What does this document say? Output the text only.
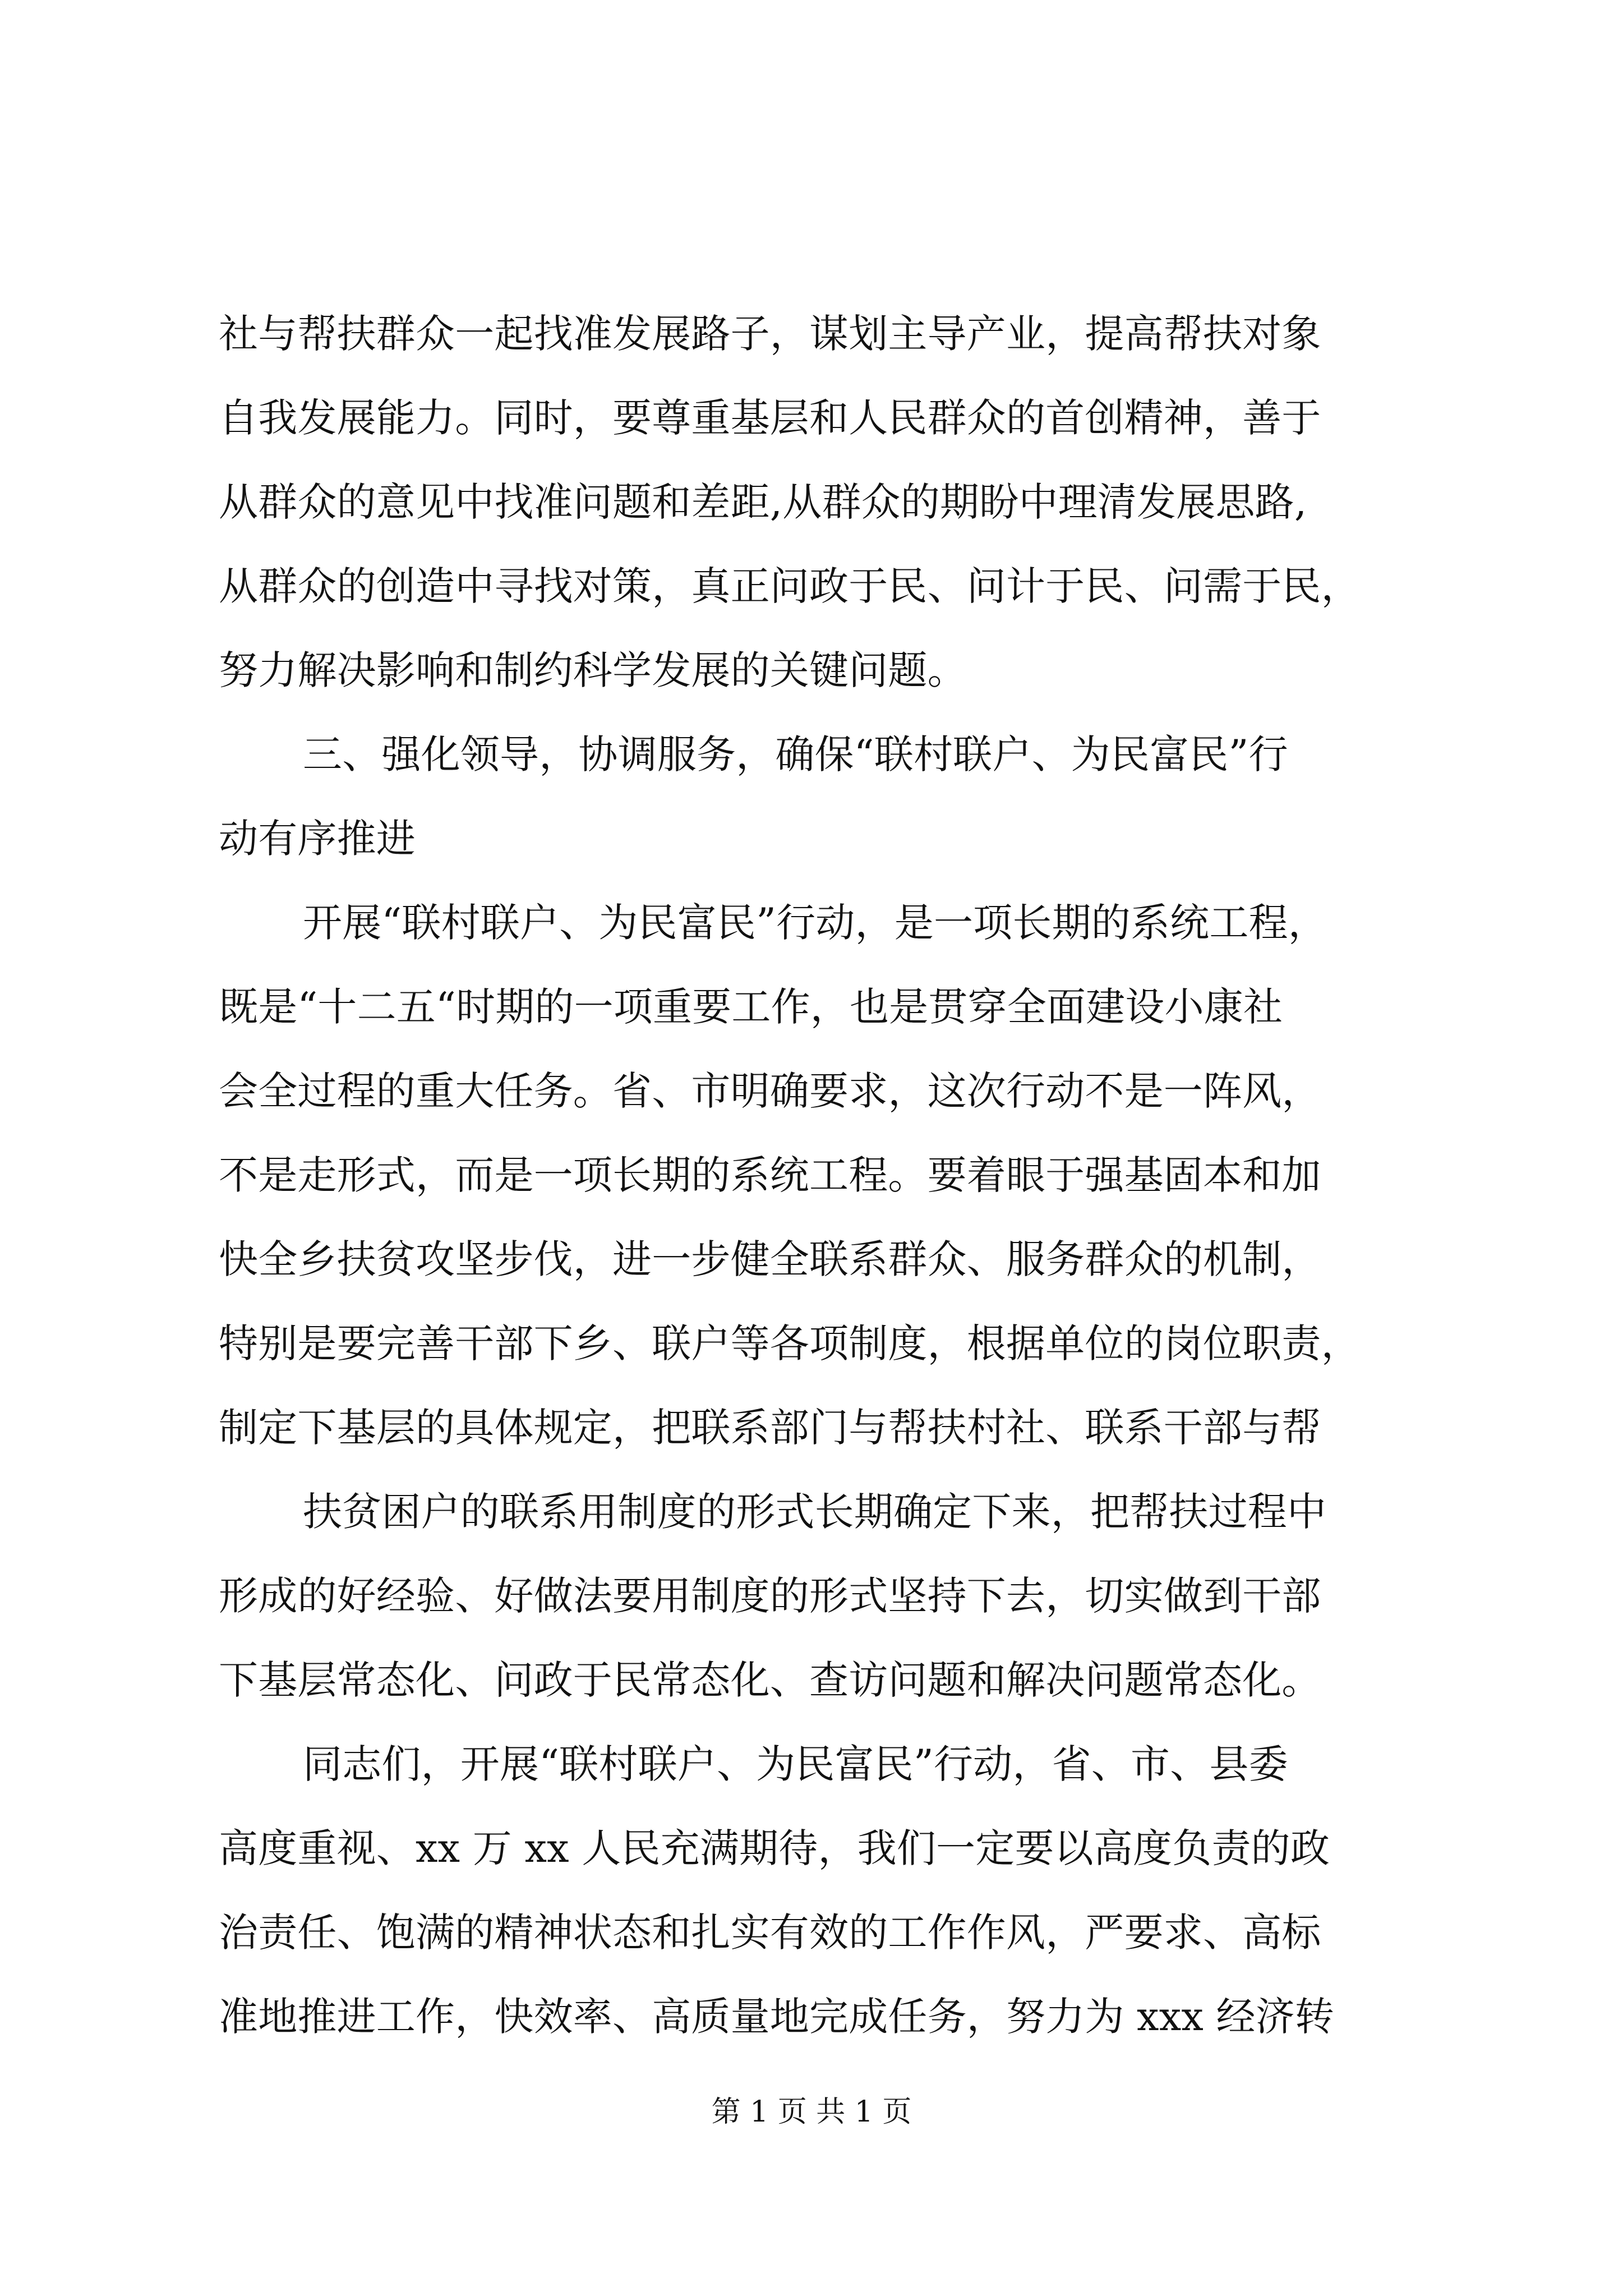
社与帮扶群众一起找准发展路子，谋划主导产业，提高帮扶对象
自我发展能力。同时，要尊重基层和人民群众的首创精神，善于
从群众的意见中找准问题和差距,从群众的期盼中理清发展思路,
从群众的创造中寻找对策，真正问政于民、问计于民、问需于民，
努力解决影响和制约科学发展的关键问题。
三、强化领导，协调服务，确保“联村联户、为民富民”行
动有序推进
开展“联村联户、为民富民”行动，是一项长期的系统工程，
既是“十二五“时期的一项重要工作，也是贯穿全面建设小康社
会全过程的重大任务。省、市明确要求，这次行动不是一阵风，
不是走形式，而是一项长期的系统工程。要着眼于强基固本和加
快全乡扶贫攻坚步伐，进一步健全联系群众、服务群众的机制，
特别是要完善干部下乡、联户等各项制度，根据单位的岗位职责，
制定下基层的具体规定，把联系部门与帮扶村社、联系干部与帮
扶贫困户的联系用制度的形式长期确定下来，把帮扶过程中
形成的好经验、好做法要用制度的形式坚持下去，切实做到干部
下基层常态化、问政于民常态化、查访问题和解决问题常态化。
同志们，开展“联村联户、为民富民”行动，省、市、县委
高度重视、xx 万 xx 人民充满期待，我们一定要以高度负责的政
治责任、饱满的精神状态和扎实有效的工作作风，严要求、高标
准地推进工作，快效率、高质量地完成任务，努力为 xxx 经济转
第 1 页 共 1 页
